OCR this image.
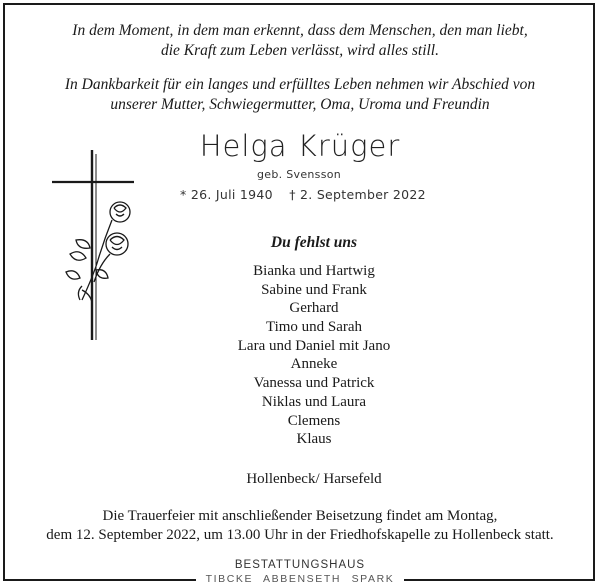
In dem Moment, in dem man erkennt, dass dem Menschen, den man liebt,
die Kraft zum Leben verlässt, wird alles still.
In Dankbarkeit für ein langes und erfülltes Leben nehmen wir Abschied von
unserer Mutter, Schwiegermutter, Oma, Uroma und Freundin
Helga Krüger
geb. Svensson
* 26. Juli 1940 † 2. September 2022
Du fehlst uns
Bianka und Hartwig
Sabine und Frank
Gerhard
Timo und Sarah
Lara und Daniel mit Jano
Anneke
Vanessa und Patrick
Niklas und Laura
Clemens
Klaus
Hollenbeck/ Harsefeld
Die Trauerfeier mit anschließender Beisetzung findet am Montag,
dem 12. September 2022, um 13.00 Uhr in der Friedhofskapelle zu Hollenbeck statt.
BESTATTUNGSHAUS
TIBCKE ABBENSETH SPARK
